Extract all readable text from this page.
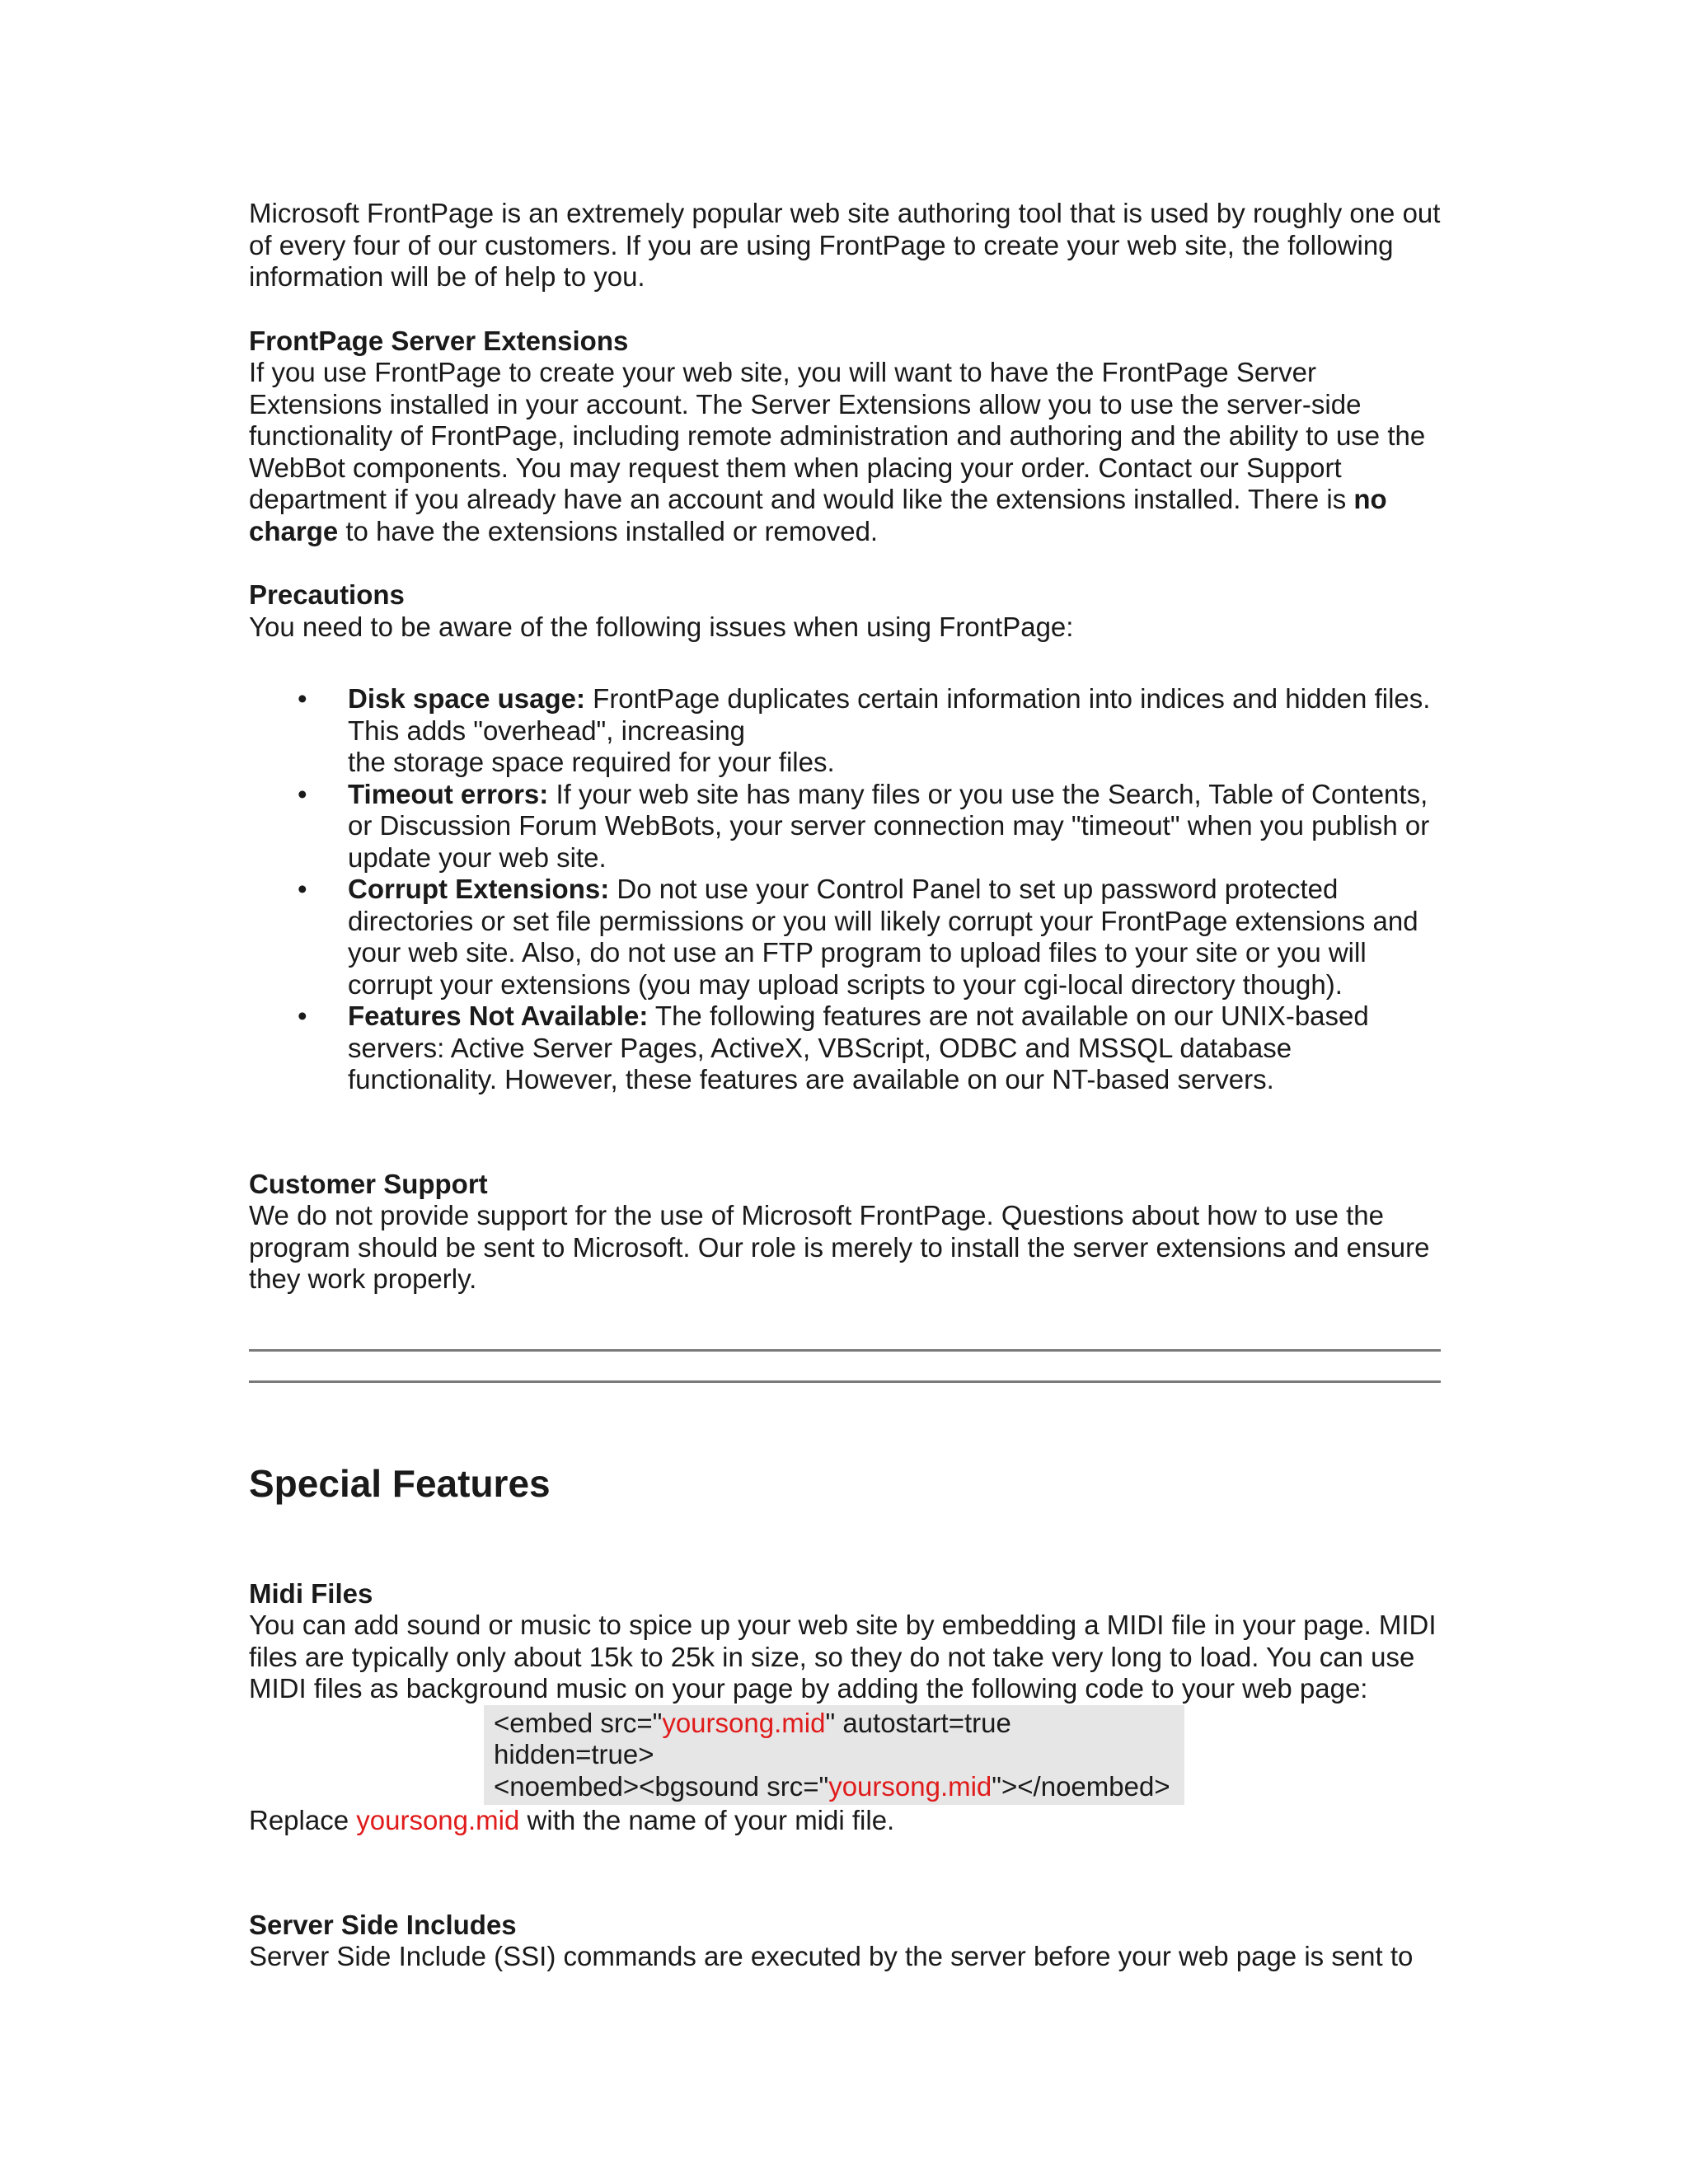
Microsoft FrontPage is an extremely popular web site authoring tool that is used by roughly one out of every four of our customers. If you are using FrontPage to create your web site, the following information will be of help to you.

FrontPage Server Extensions

If you use FrontPage to create your web site, you will want to have the FrontPage Server Extensions installed in your account. The Server Extensions allow you to use the server-side functionality of FrontPage, including remote administration and authoring and the ability to use the WebBot components. You may request them when placing your order. Contact our Support department if you already have an account and would like the extensions installed. There is no charge to have the extensions installed or removed.

Precautions

You need to be aware of the following issues when using FrontPage:

• Disk space usage: FrontPage duplicates certain information into indices and hidden files. This adds "overhead", increasing
the storage space required for your files.
• Timeout errors: If your web site has many files or you use the Search, Table of Contents, or Discussion Forum WebBots, your server connection may "timeout" when you publish or update your web site.
• Corrupt Extensions: Do not use your Control Panel to set up password protected directories or set file permissions or you will likely corrupt your FrontPage extensions and your web site. Also, do not use an FTP program to upload files to your site or you will corrupt your extensions (you may upload scripts to your cgi-local directory though).
• Features Not Available: The following features are not available on our UNIX-based servers: Active Server Pages, ActiveX, VBScript, ODBC and MSSQL database functionality. However, these features are available on our NT-based servers.

Customer Support

We do not provide support for the use of Microsoft FrontPage. Questions about how to use the program should be sent to Microsoft. Our role is merely to install the server extensions and ensure they work properly.

Special Features

Midi Files

You can add sound or music to spice up your web site by embedding a MIDI file in your page. MIDI files are typically only about 15k to 25k in size, so they do not take very long to load. You can use MIDI files as background music on your page by adding the following code to your web page:

<embed src="yoursong.mid" autostart=true hidden=true>
<noembed><bgsound src="yoursong.mid"></noembed>

Replace yoursong.mid with the name of your midi file.

Server Side Includes

Server Side Include (SSI) commands are executed by the server before your web page is sent to
